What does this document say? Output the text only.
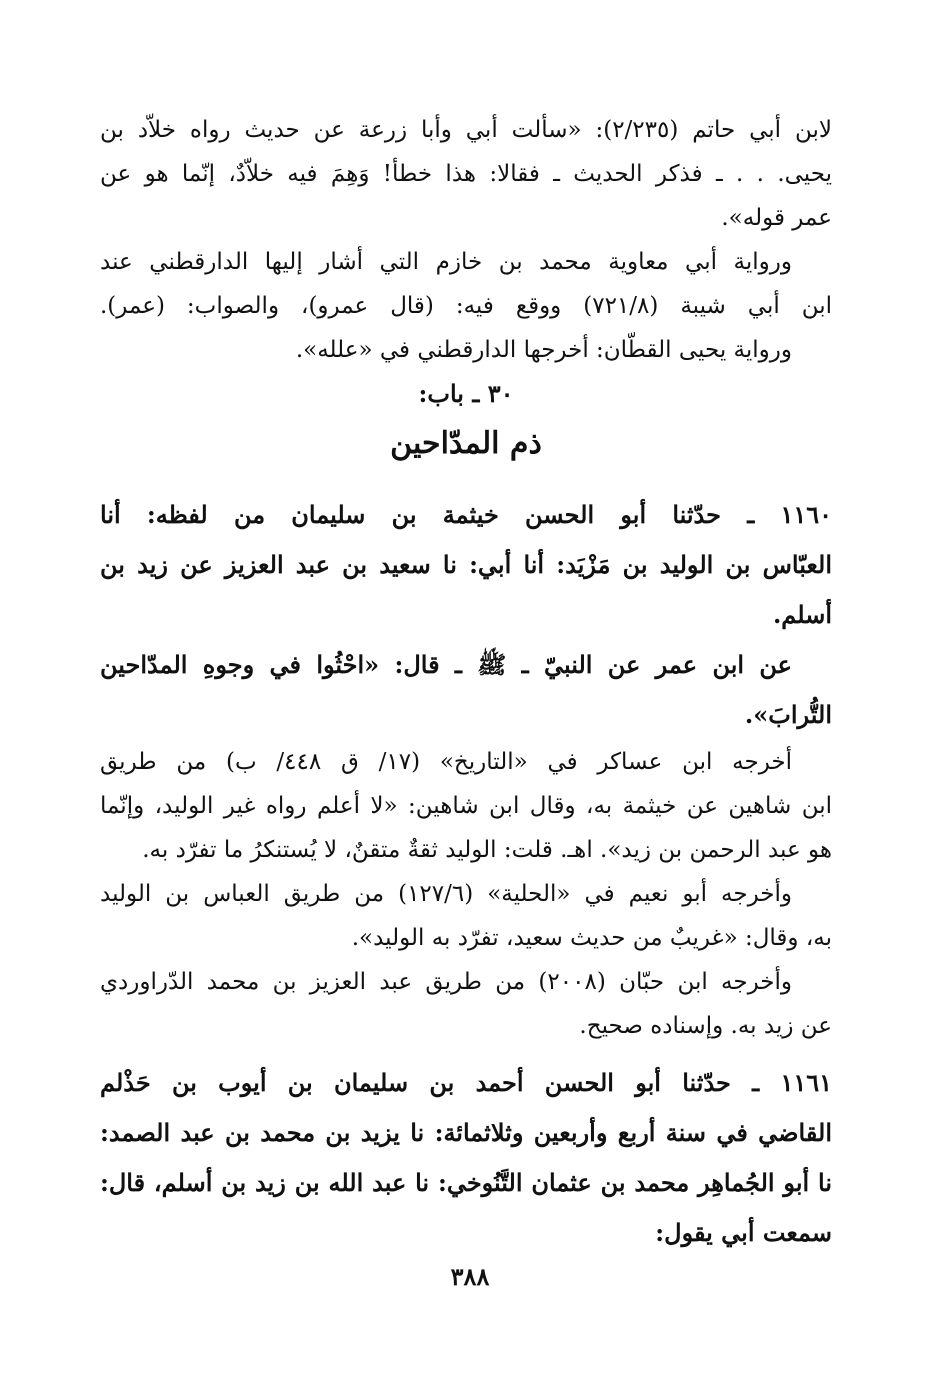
لابن أبي حاتم (٢/٢٣٥): «سألت أبي وأبا زرعة عن حديث رواه خلاّد بن
يحيى. . . ـ فذكر الحديث ـ فقالا: هذا خطأ! وَهِمَ فيه خلاّدٌ، إنّما هو عن
عمر قوله».
ورواية أبي معاوية محمد بن خازم التي أشار إليها الدارقطني عند
ابن أبي شيبة (٧٢١/٨) ووقع فيه: (قال عمرو)، والصواب: (عمر).
ورواية يحيى القطّان: أخرجها الدارقطني في «علله».
٣٠ ـ باب:
ذم المدّاحين
١١٦٠ ـ حدّثنا أبو الحسن خيثمة بن سليمان من لفظه: أنا
العبّاس بن الوليد بن مَزْيَد: أنا أبي: نا سعيد بن عبد العزيز عن زيد بن
أسلم.
عن ابن عمر عن النبيّ ـ ﷺ ـ قال: «احْثُوا في وجوهِ المدّاحين
التُّرابَ».
أخرجه ابن عساكر في «التاريخ» (١٧/ ق ٤٤٨/ ب) من طريق
ابن شاهين عن خيثمة به، وقال ابن شاهين: «لا أعلم رواه غير الوليد، وإنّما
هو عبد الرحمن بن زيد». اهـ. قلت: الوليد ثقةٌ متقنٌ، لا يُستنكرُ ما تفرّد به.
وأخرجه أبو نعيم في «الحلية» (١٢٧/٦) من طريق العباس بن الوليد
به، وقال: «غريبٌ من حديث سعيد، تفرّد به الوليد».
وأخرجه ابن حبّان (٢٠٠٨) من طريق عبد العزيز بن محمد الدّراوردي
عن زيد به. وإسناده صحيح.
١١٦١ ـ حدّثنا أبو الحسن أحمد بن سليمان بن أيوب بن حَذْلم
القاضي في سنة أربع وأربعين وثلاثمائة: نا يزيد بن محمد بن عبد الصمد:
نا أبو الجُماهِر محمد بن عثمان التَّنُوخي: نا عبد الله بن زيد بن أسلم، قال:
سمعت أبي يقول:
٣٨٨
